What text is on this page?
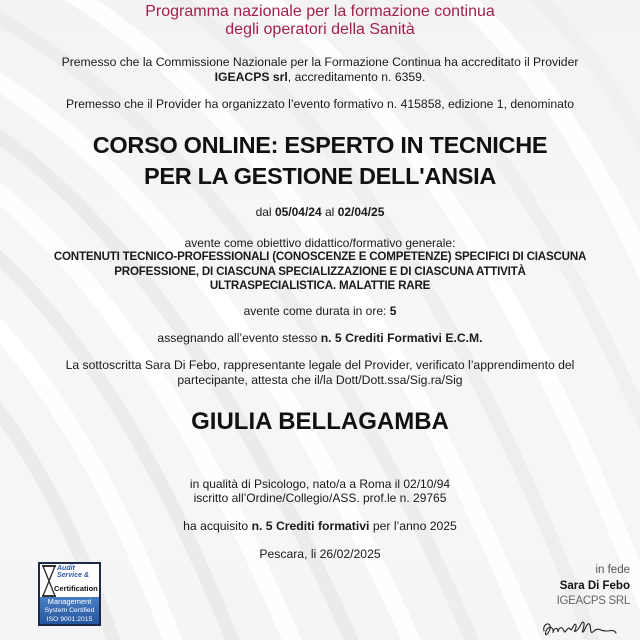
Programma nazionale per la formazione continua
degli operatori della Sanità
Premesso che la Commissione Nazionale per la Formazione Continua ha accreditato il Provider
IGEACPS srl, accreditamento n. 6359.
Premesso che il Provider ha organizzato l’evento formativo n. 415858, edizione 1, denominato
CORSO ONLINE: ESPERTO IN TECNICHE
PER LA GESTIONE DELL'ANSIA
dal 05/04/24 al 02/04/25
avente come obiettivo didattico/formativo generale:
CONTENUTI TECNICO-PROFESSIONALI (CONOSCENZE E COMPETENZE) SPECIFICI DI CIASCUNA
PROFESSIONE, DI CIASCUNA SPECIALIZZAZIONE E DI CIASCUNA ATTIVITÀ
ULTRASPECIALISTICA. MALATTIE RARE
avente come durata in ore: 5
assegnando all’evento stesso n. 5 Crediti Formativi E.C.M.
La sottoscritta Sara Di Febo, rappresentante legale del Provider, verificato l’apprendimento del
partecipante, attesta che il/la Dott/Dott.ssa/Sig.ra/Sig
GIULIA BELLAGAMBA
in qualità di Psicologo, nato/a a Roma il 02/10/94
iscritto all’Ordine/Collegio/ASS. prof.le n. 29765
ha acquisito n. 5 Crediti formativi per l’anno 2025
Pescara, li 26/02/2025
Audit
Service &
Certification
Management
System Certified
ISO 9001:2015
in fede
Sara Di Febo
IGEACPS SRL
